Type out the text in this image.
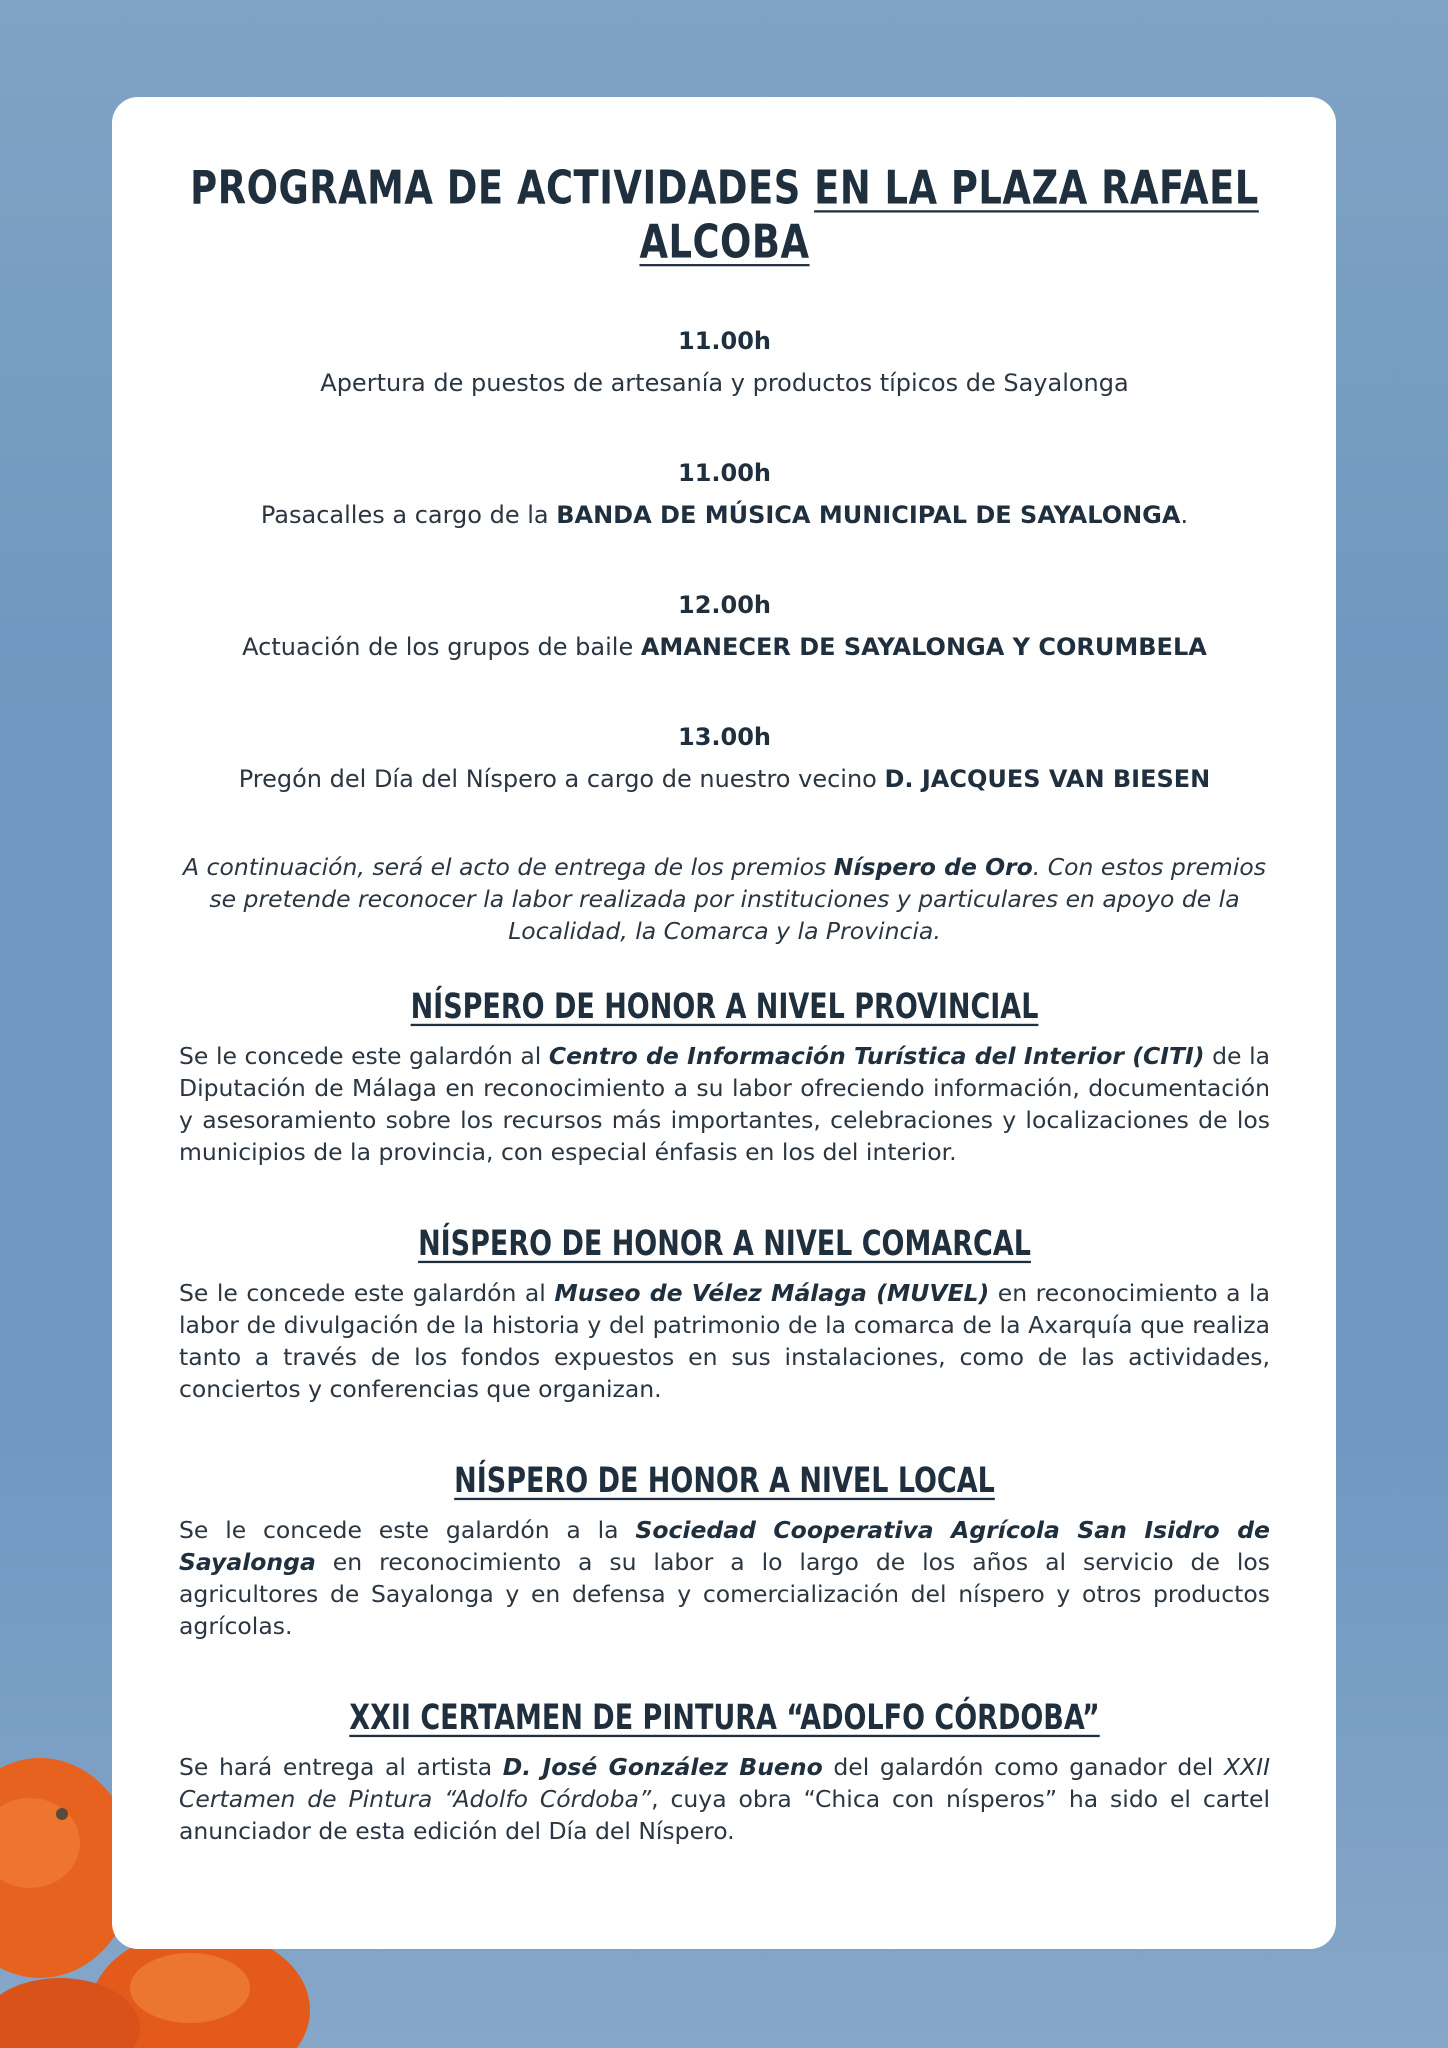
PROGRAMA DE ACTIVIDADES EN LA PLAZA RAFAEL ALCOBA
11.00h
Apertura de puestos de artesanía y productos típicos de Sayalonga
11.00h
Pasacalles a cargo de la BANDA DE MÚSICA MUNICIPAL DE SAYALONGA.
12.00h
Actuación de los grupos de baile AMANECER DE SAYALONGA Y CORUMBELA
13.00h
Pregón del Día del Níspero a cargo de nuestro vecino D. JACQUES VAN BIESEN
A continuación, será el acto de entrega de los premios Níspero de Oro. Con estos premios se pretende reconocer la labor realizada por instituciones y particulares en apoyo de la Localidad, la Comarca y la Provincia.
NÍSPERO DE HONOR A NIVEL PROVINCIAL
Se le concede este galardón al Centro de Información Turística del Interior (CITI) de la Diputación de Málaga en reconocimiento a su labor ofreciendo información, documentación y asesoramiento sobre los recursos más importantes, celebraciones y localizaciones de los municipios de la provincia, con especial énfasis en los del interior.
NÍSPERO DE HONOR A NIVEL COMARCAL
Se le concede este galardón al Museo de Vélez Málaga (MUVEL) en reconocimiento a la labor de divulgación de la historia y del patrimonio de la comarca de la Axarquía que realiza tanto a través de los fondos expuestos en sus instalaciones, como de las actividades, conciertos y conferencias que organizan.
NÍSPERO DE HONOR A NIVEL LOCAL
Se le concede este galardón a la Sociedad Cooperativa Agrícola San Isidro de Sayalonga en reconocimiento a su labor a lo largo de los años al servicio de los agricultores de Sayalonga y en defensa y comercialización del níspero y otros productos agrícolas.
XXII CERTAMEN DE PINTURA “ADOLFO CÓRDOBA”
Se hará entrega al artista D. José González Bueno del galardón como ganador del XXII Certamen de Pintura “Adolfo Córdoba”, cuya obra “Chica con nísperos” ha sido el cartel anunciador de esta edición del Día del Níspero.
